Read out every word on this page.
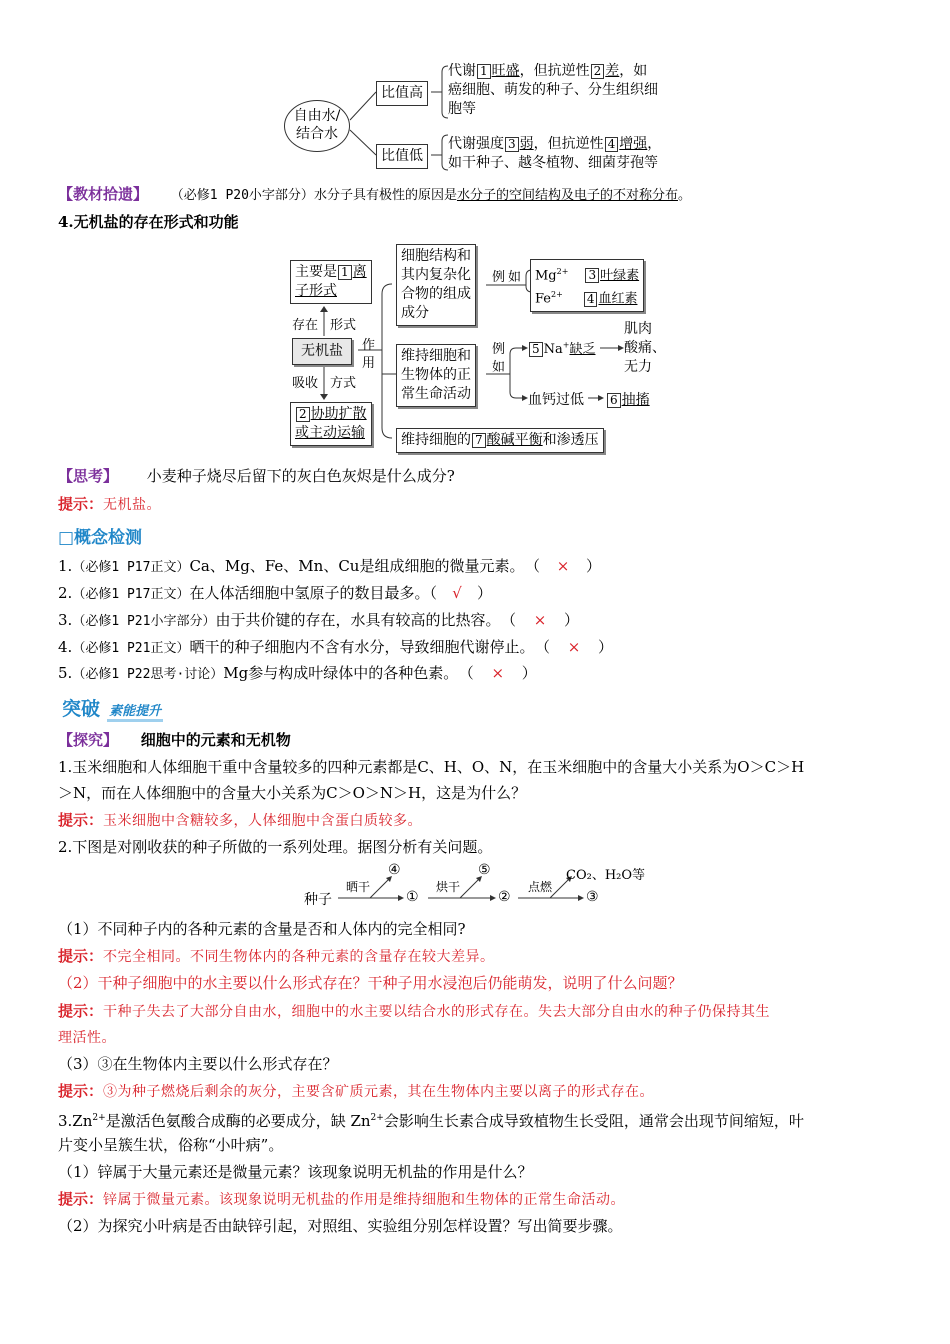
自由水/
结合水
比值高
代谢 1 旺盛，但抗逆性 2 差，如
癌细胞、萌发的种子、分生组织细
胞等
比值低
代谢强度 3 弱，但抗逆性 4 增强，
如干种子、越冬植物、细菌芽孢等
【教材拾遗】 （必修1 P20小字部分）水分子具有极性的原因是水分子的空间结构及电子的不对称分布。
4.无机盐的存在形式和功能
主要是 1 离
子形式
存在 形式
无机盐	作
用
吸收 方式
2 协助扩散
或主动运输
细胞结构和
其内复杂化
合物的组成
成分
例如 $Mg^{2+}$ 3 叶绿素
$Fe^{2+}$ 4 血红素
维持细胞和
生物体的正
常生命活动
例
如
5 Na+缺乏
肌肉
酸痛、
无力
血钙过低	6 抽搐
维持细胞的 7 酸碱平衡和渗透压
【思考】 小麦种子烧尽后留下的灰白色灰烬是什么成分?
提示：无机盐。
□概念检测
1.（必修1 P17正文）Ca、Mg、Fe、Mn、Cu是组成细胞的微量元素。 （ × ）
2.（必修1 P17正文）在人体活细胞中氢原子的数目最多。（ √ ）
3.（必修1 P21小字部分）由于共价键的存在，水具有较高的比热容。 （ × ）
4.（必修1 P21正文）晒干的种子细胞内不含有水分，导致细胞代谢停止。 （ × ）
5.（必修1 P22思考·讨论）Mg参与构成叶绿体中的各种色素。 （ × ）
突破 素能提升
【探究】 细胞中的元素和无机物
1.玉米细胞和人体细胞干重中含量较多的四种元素都是C、H、O、N，在玉米细胞中的含量大小关系为O＞C＞H
＞N，而在人体细胞中的含量大小关系为C＞O＞N＞H，这是为什么？
提示：玉米细胞中含糖较多，人体细胞中含蛋白质较多。
2.下图是对刚收获的种子所做的一系列处理。据图分析有关问题。
种子
晒干
④
①
烘干
⑤
②
点燃
CO₂、H₂O等
③
（1）不同种子内的各种元素的含量是否和人体内的完全相同?
提示：不完全相同。不同生物体内的各种元素的含量存在较大差异。
（2）干种子细胞中的水主要以什么形式存在？干种子用水浸泡后仍能萌发，说明了什么问题？
提示：干种子失去了大部分自由水，细胞中的水主要以结合水的形式存在。失去大部分自由水的种子仍保持其生
理活性。
（3）③在生物体内主要以什么形式存在？
提示：③为种子燃烧后剩余的灰分，主要含矿质元素，其在生物体内主要以离子的形式存在。
$3.Zn^{2+}$是激活色氨酸合成酶的必要成分，缺 $Zn^{2+}$会影响生长素合成导致植物生长受阻，通常会出现节间缩短，叶
片变小呈簇生状，俗称“小叶病”。
（1）锌属于大量元素还是微量元素？该现象说明无机盐的作用是什么？
提示：锌属于微量元素。该现象说明无机盐的作用是维持细胞和生物体的正常生命活动。
（2）为探究小叶病是否由缺锌引起，对照组、实验组分别怎样设置？写出简要步骤。
